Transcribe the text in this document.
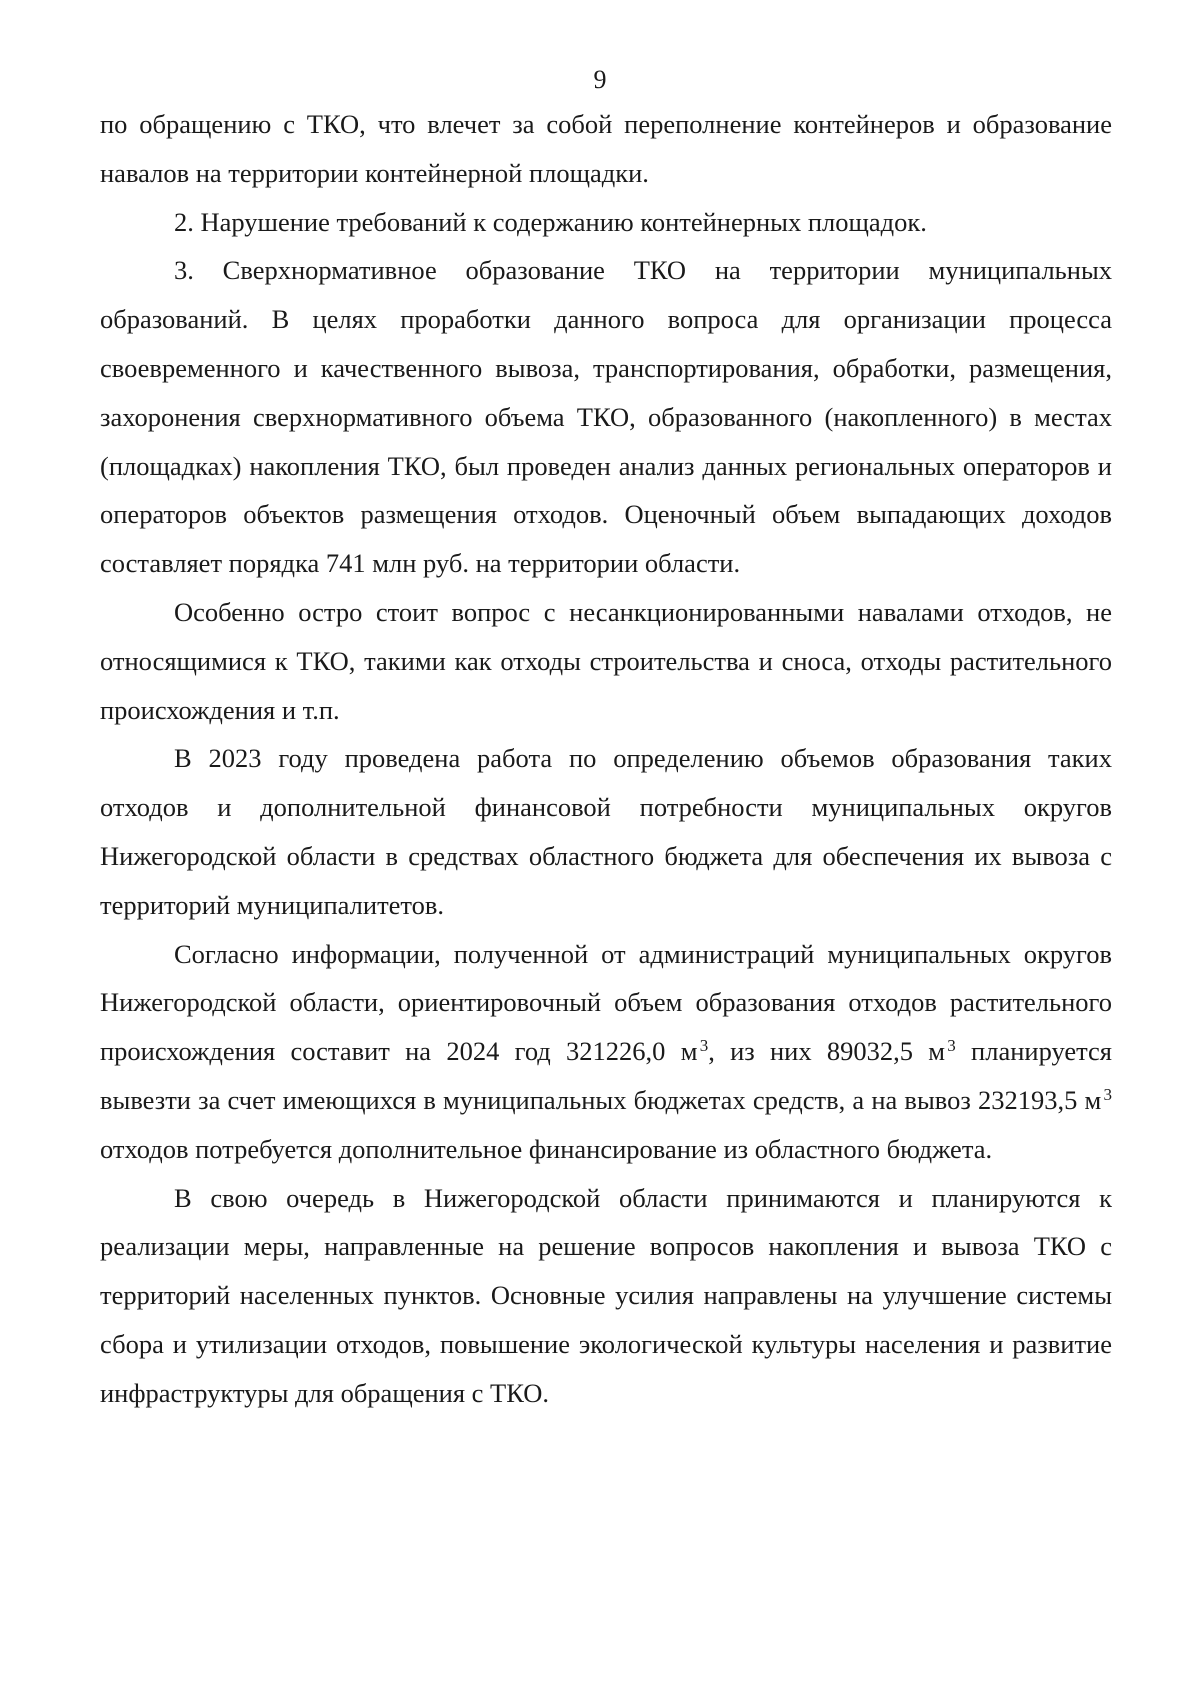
9

по обращению с ТКО, что влечет за собой переполнение контейнеров и образование навалов на территории контейнерной площадки.

2. Нарушение требований к содержанию контейнерных площадок.

3. Сверхнормативное образование ТКО на территории муниципальных образований. В целях проработки данного вопроса для организации процесса своевременного и качественного вывоза, транспортирования, обработки, размещения, захоронения сверхнормативного объема ТКО, образованного (накопленного) в местах (площадках) накопления ТКО, был проведен анализ данных региональных операторов и операторов объектов размещения отходов. Оценочный объем выпадающих доходов составляет порядка 741 млн руб. на территории области.

Особенно остро стоит вопрос с несанкционированными навалами отходов, не относящимися к ТКО, такими как отходы строительства и сноса, отходы растительного происхождения и т.п.

В 2023 году проведена работа по определению объемов образования таких отходов и дополнительной финансовой потребности муниципальных округов Нижегородской области в средствах областного бюджета для обеспечения их вывоза с территорий муниципалитетов.

Согласно информации, полученной от администраций муниципальных округов Нижегородской области, ориентировочный объем образования отходов растительного происхождения составит на 2024 год 321226,0 м  $^3$, из них 89032,5 м  $^3$ планируется вывезти за счет имеющихся в муниципальных бюджетах средств, а на вывоз 232193,5 м  $^3$ отходов потребуется дополнительное финансирование из областного бюджета.

В свою очередь в Нижегородской области принимаются и планируются к реализации меры, направленные на решение вопросов накопления и вывоза ТКО с территорий населенных пунктов. Основные усилия направлены на улучшение системы сбора и утилизации отходов, повышение экологической культуры населения и развитие инфраструктуры для обращения с ТКО.
